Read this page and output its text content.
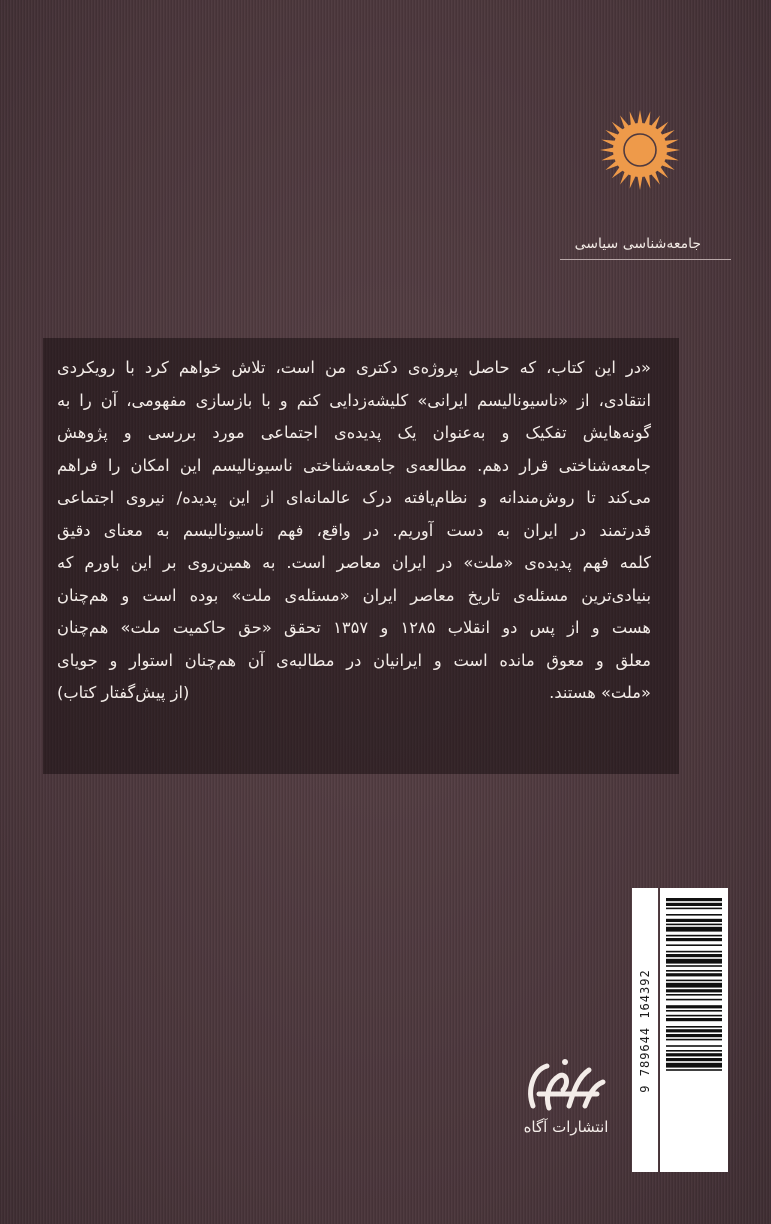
جامعه‌شناسی سیاسی
«در این کتاب، که حاصل پروژه‌ی دکتری من است، تلاش خواهم کرد با رویکردی
انتقادی، از «ناسیونالیسم ایرانی» کلیشه‌زدایی کنم و با بازسازی مفهومی، آن را به
گونه‌هایش تفکیک و به‌عنوان یک پدیده‌ی اجتماعی مورد بررسی و پژوهش
جامعه‌شناختی قرار دهم. مطالعه‌ی جامعه‌شناختی ناسیونالیسم این امکان را فراهم
می‌کند تا روش‌مندانه و نظام‌یافته درک عالمانه‌ای از این پدیده/ نیروی اجتماعی
قدرتمند در ایران به دست آوریم. در واقع، فهم ناسیونالیسم به معنای دقیق
کلمه فهم پدیده‌ی «ملت» در ایران معاصر است. به همین‌روی بر این باورم که
بنیادی‌ترین مسئله‌ی تاریخ معاصر ایران «مسئله‌ی ملت» بوده است و هم‌چنان
هست و از پس دو انقلاب ۱۲۸۵ و ۱۳۵۷ تحقق «حق حاکمیت ملت» هم‌چنان
معلق و معوق مانده است و ایرانیان در مطالبه‌ی آن هم‌چنان استوار و جویای
«ملت» هستند.
(از پیش‌گفتار کتاب)
9 789644 164392
انتشارات آگاه
